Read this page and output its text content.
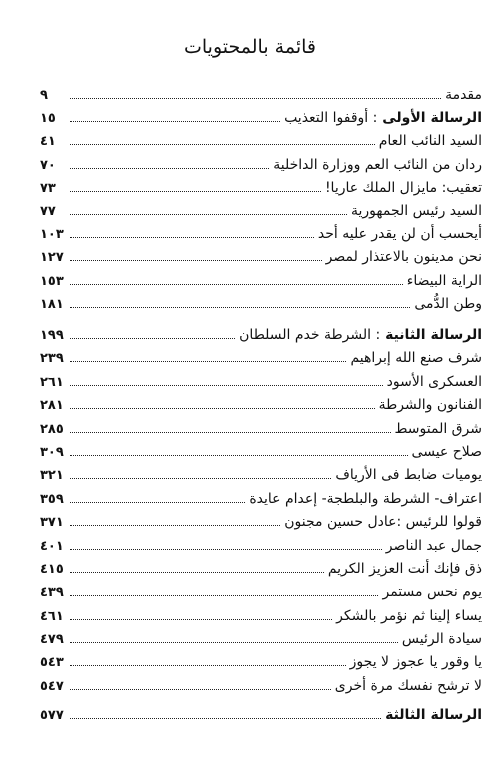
قائمة بالمحتويات
مقدمة
٩
الرسالة الأولى : أوقفوا التعذيب
١٥
السيد النائب العام
٤١
ردان من النائب العم ووزارة الداخلية
٧٠
تعقيب: مايزال الملك عاريا!
٧٣
السيد رئيس الجمهورية
٧٧
أيحسب أن لن يقدر عليه أحد
١٠٣
نحن مدينون بالاعتذار لمصر
١٢٧
الراية البيضاء
١٥٣
وطن الدُّمى
١٨١
الرسالة الثانية : الشرطة خدم السلطان
١٩٩
شرف صنع الله إبراهيم
٢٣٩
العسكرى الأسود
٢٦١
الفنانون والشرطة
٢٨١
شرق المتوسط
٢٨٥
صلاح عيسى
٣٠٩
يوميات ضابط فى الأرياف
٣٢١
اعتراف- الشرطة والبلطجة- إعدام عايدة
٣٥٩
قولوا للرئيس :عادل حسين مجنون
٣٧١
جمال عبد الناصر
٤٠١
ذق فإنك أنت العزيز الكريم
٤١٥
يوم نحس مستمر
٤٣٩
يساء إلينا ثم نؤمر بالشكر
٤٦١
سيادة الرئيس
٤٧٩
يا وقور يا عجوز لا يجوز
٥٤٣
لا ترشح نفسك مرة أخرى
٥٤٧
الرسالة الثالثة
٥٧٧
